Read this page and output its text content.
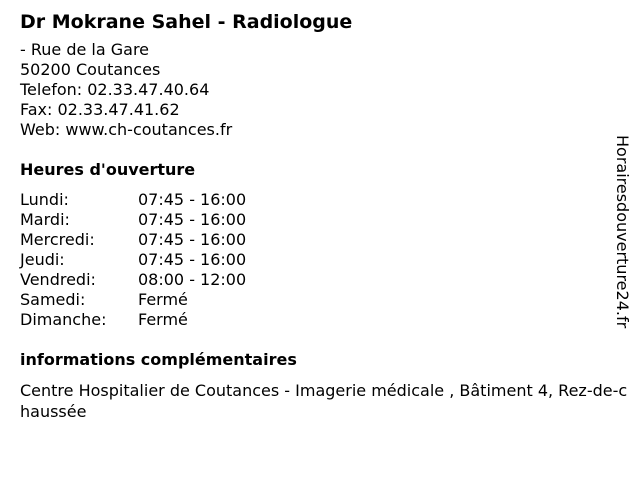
Dr Mokrane Sahel - Radiologue
- Rue de la Gare
50200 Coutances
Telefon: 02.33.47.40.64
Fax: 02.33.47.41.62
Web: www.ch-coutances.fr
Heures d'ouverture
Lundi:	07:45 - 16:00
Mardi:	07:45 - 16:00
Mercredi:	07:45 - 16:00
Jeudi:	07:45 - 16:00
Vendredi:	08:00 - 12:00
Samedi:	Fermé
Dimanche:	Fermé
informations complémentaires
Centre Hospitalier de Coutances - Imagerie médicale , Bâtiment 4, Rez-de-chaussée
Horairesdouverture24.fr
